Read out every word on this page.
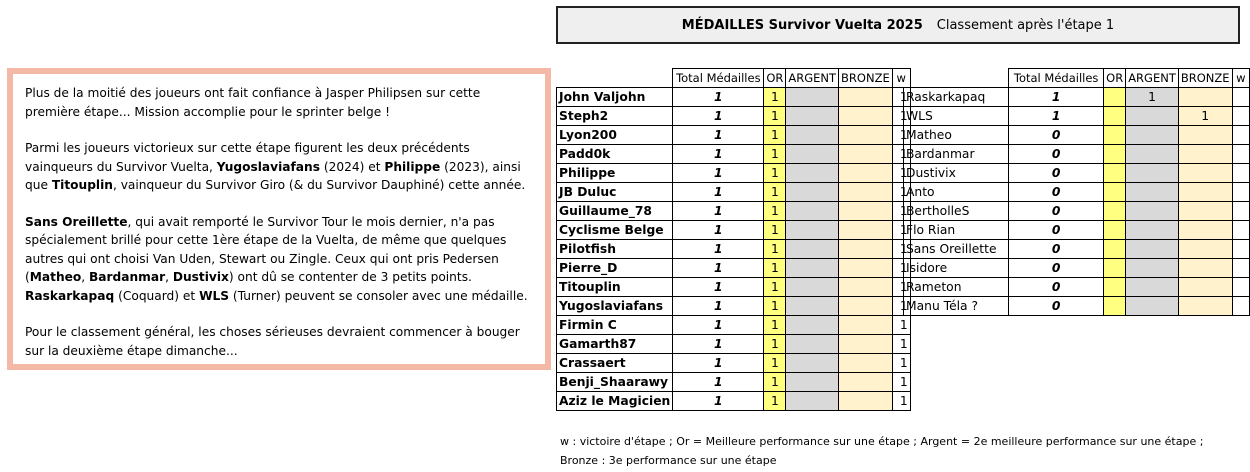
MÉDAILLES Survivor Vuelta 2025 Classement après l'étape 1

Plus de la moitié des joueurs ont fait confiance à Jasper Philipsen sur cette première étape... Mission accomplie pour le sprinter belge !

Parmi les joueurs victorieux sur cette étape figurent les deux précédents vainqueurs du Survivor Vuelta, Yugoslaviafans (2024) et Philippe (2023), ainsi que Titouplin, vainqueur du Survivor Giro (& du Survivor Dauphiné) cette année.

Sans Oreillette, qui avait remporté le Survivor Tour le mois dernier, n'a pas spécialement brillé pour cette 1ère étape de la Vuelta, de même que quelques autres qui ont choisi Van Uden, Stewart ou Zingle. Ceux qui ont pris Pedersen (Matheo, Bardanmar, Dustivix) ont dû se contenter de 3 petits points. Raskarkapaq (Coquard) et WLS (Turner) peuvent se consoler avec une médaille.

Pour le classement général, les choses sérieuses devraient commencer à bouger sur la deuxième étape dimanche...

	Total Médailles	OR	ARGENT	BRONZE	w
John Valjohn	1	1			1
Steph2	1	1			1
Lyon200	1	1			1
Padd0k	1	1			1
Philippe	1	1			1
JB Duluc	1	1			1
Guillaume_78	1	1			1
Cyclisme Belge	1	1			1
Pilotfish	1	1			1
Pierre_D	1	1			1
Titouplin	1	1			1
Yugoslaviafans	1	1			1
Firmin C	1	1			1
Gamarth87	1	1			1
Crassaert	1	1			1
Benji_Shaarawy	1	1			1
Aziz le Magicien	1	1			1
	Total Médailles	OR	ARGENT	BRONZE	w
Raskarkapaq	1		1		
WLS	1			1	
Matheo	0				
Bardanmar	0				
Dustivix	0				
Anto	0				
BertholleS	0				
Flo Rian	0				
Sans Oreillette	0				
Isidore	0				
Rameton	0				
Manu Téla ?	0				
w : victoire d'étape ; Or = Meilleure performance sur une étape ; Argent = 2e meilleure performance sur une étape ;
Bronze : 3e performance sur une étape
